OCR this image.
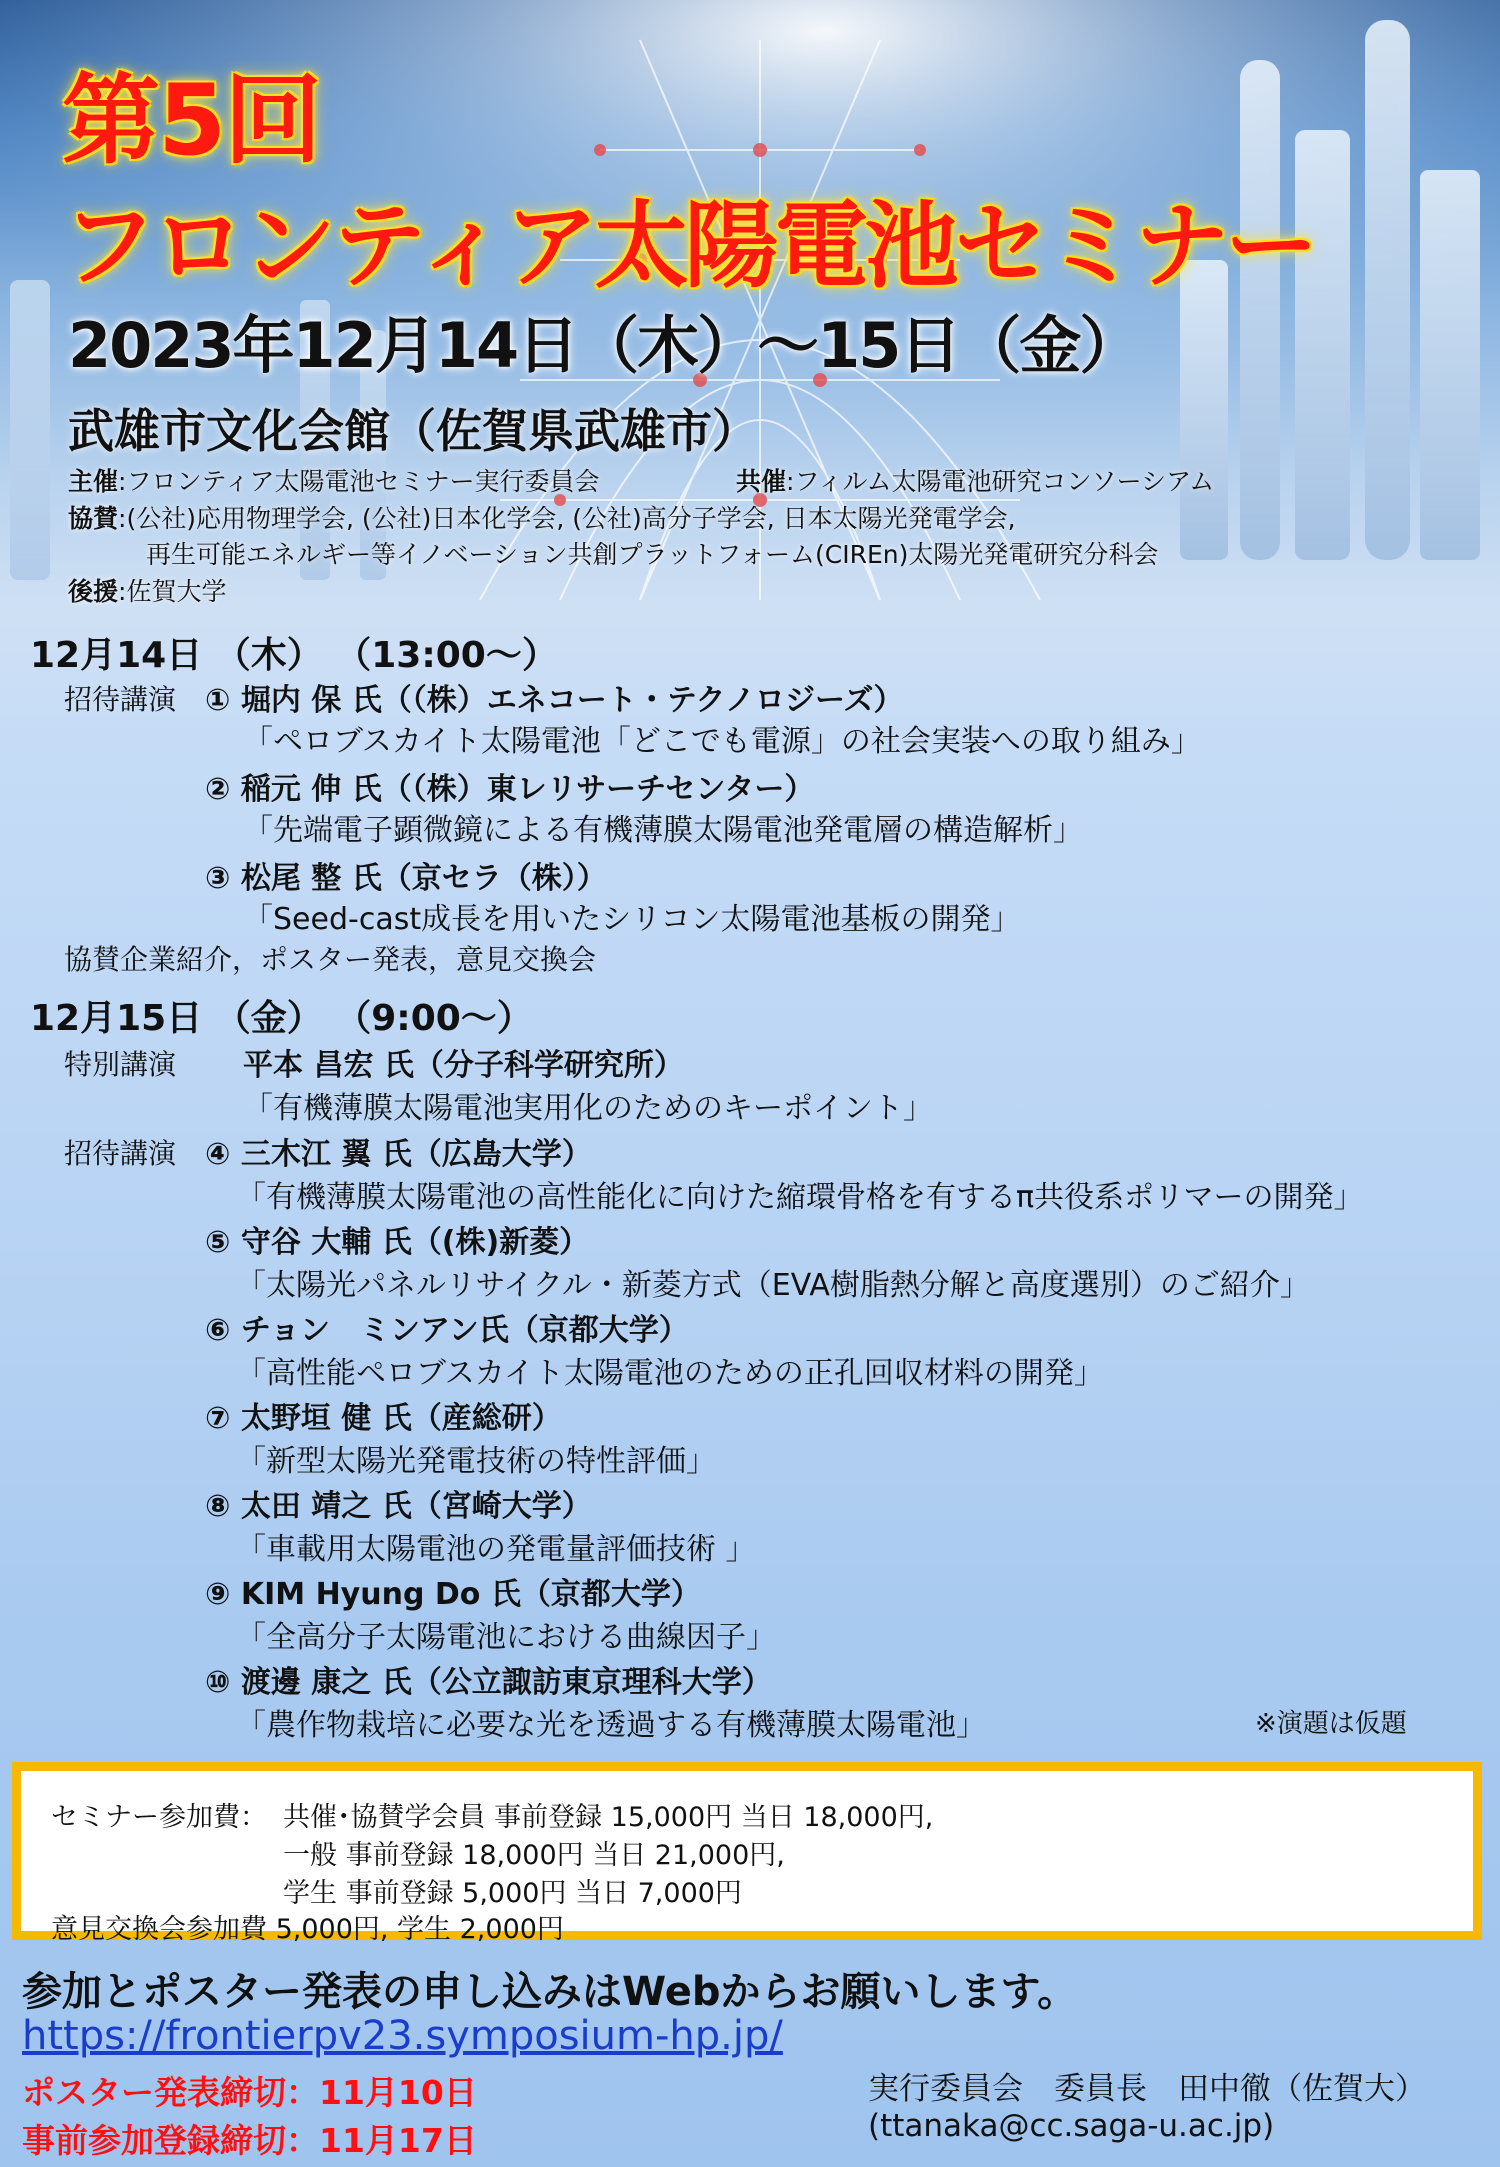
第5回
フロンティア太陽電池セミナー
2023年12月14日（木）～15日（金）
武雄市文化会館（佐賀県武雄市）
主催:フロンティア太陽電池セミナー実行委員会	共催:フィルム太陽電池研究コンソーシアム
協賛:(公社)応用物理学会, (公社)日本化学会, (公社)高分子学会, 日本太陽光発電学会,
再生可能エネルギー等イノベーション共創プラットフォーム(CIREn)太陽光発電研究分科会
後援:佐賀大学
12月14日 （木） （13:00～）
招待講演 ① 堀内 保 氏（（株）エネコート・テクノロジーズ）
「ペロブスカイト太陽電池「どこでも電源」の社会実装への取り組み」
② 稲元 伸 氏（（株）東レリサーチセンター）
「先端電子顕微鏡による有機薄膜太陽電池発電層の構造解析」
③ 松尾 整 氏（京セラ（株））
「Seed-cast成長を用いたシリコン太陽電池基板の開発」
協賛企業紹介，ポスター発表，意見交換会
12月15日 （金） （9:00～）
特別講演 平本 昌宏 氏（分子科学研究所）
「有機薄膜太陽電池実用化のためのキーポイント」
招待講演 ④ 三木江 翼 氏（広島大学）
「有機薄膜太陽電池の高性能化に向けた縮環骨格を有するπ共役系ポリマーの開発」
⑤ 守谷 大輔 氏（(株)新菱）
「太陽光パネルリサイクル・新菱方式（EVA樹脂熱分解と高度選別）のご紹介」
⑥ チョン　ミンアン氏（京都大学）
「高性能ペロブスカイト太陽電池のための正孔回収材料の開発」
⑦ 太野垣 健 氏（産総研）
「新型太陽光発電技術の特性評価」
⑧ 太田 靖之 氏（宮崎大学）
「車載用太陽電池の発電量評価技術 」
⑨ KIM Hyung Do 氏（京都大学）
「全高分子太陽電池における曲線因子」
⑩ 渡邊 康之 氏（公立諏訪東京理科大学）
「農作物栽培に必要な光を透過する有機薄膜太陽電池」	※演題は仮題
セミナー参加費： 共催･協賛学会員 事前登録 15,000円 当日 18,000円,
一般 事前登録 18,000円 当日 21,000円,
学生 事前登録 5,000円 当日 7,000円
意見交換会参加費 5,000円, 学生 2,000円
参加とポスター発表の申し込みはWebからお願いします。
https://frontierpv23.symposium-hp.jp/
ポスター発表締切：11月10日
事前参加登録締切：11月17日
実行委員会　委員長　田中徹（佐賀大）
(ttanaka@cc.saga-u.ac.jp)
